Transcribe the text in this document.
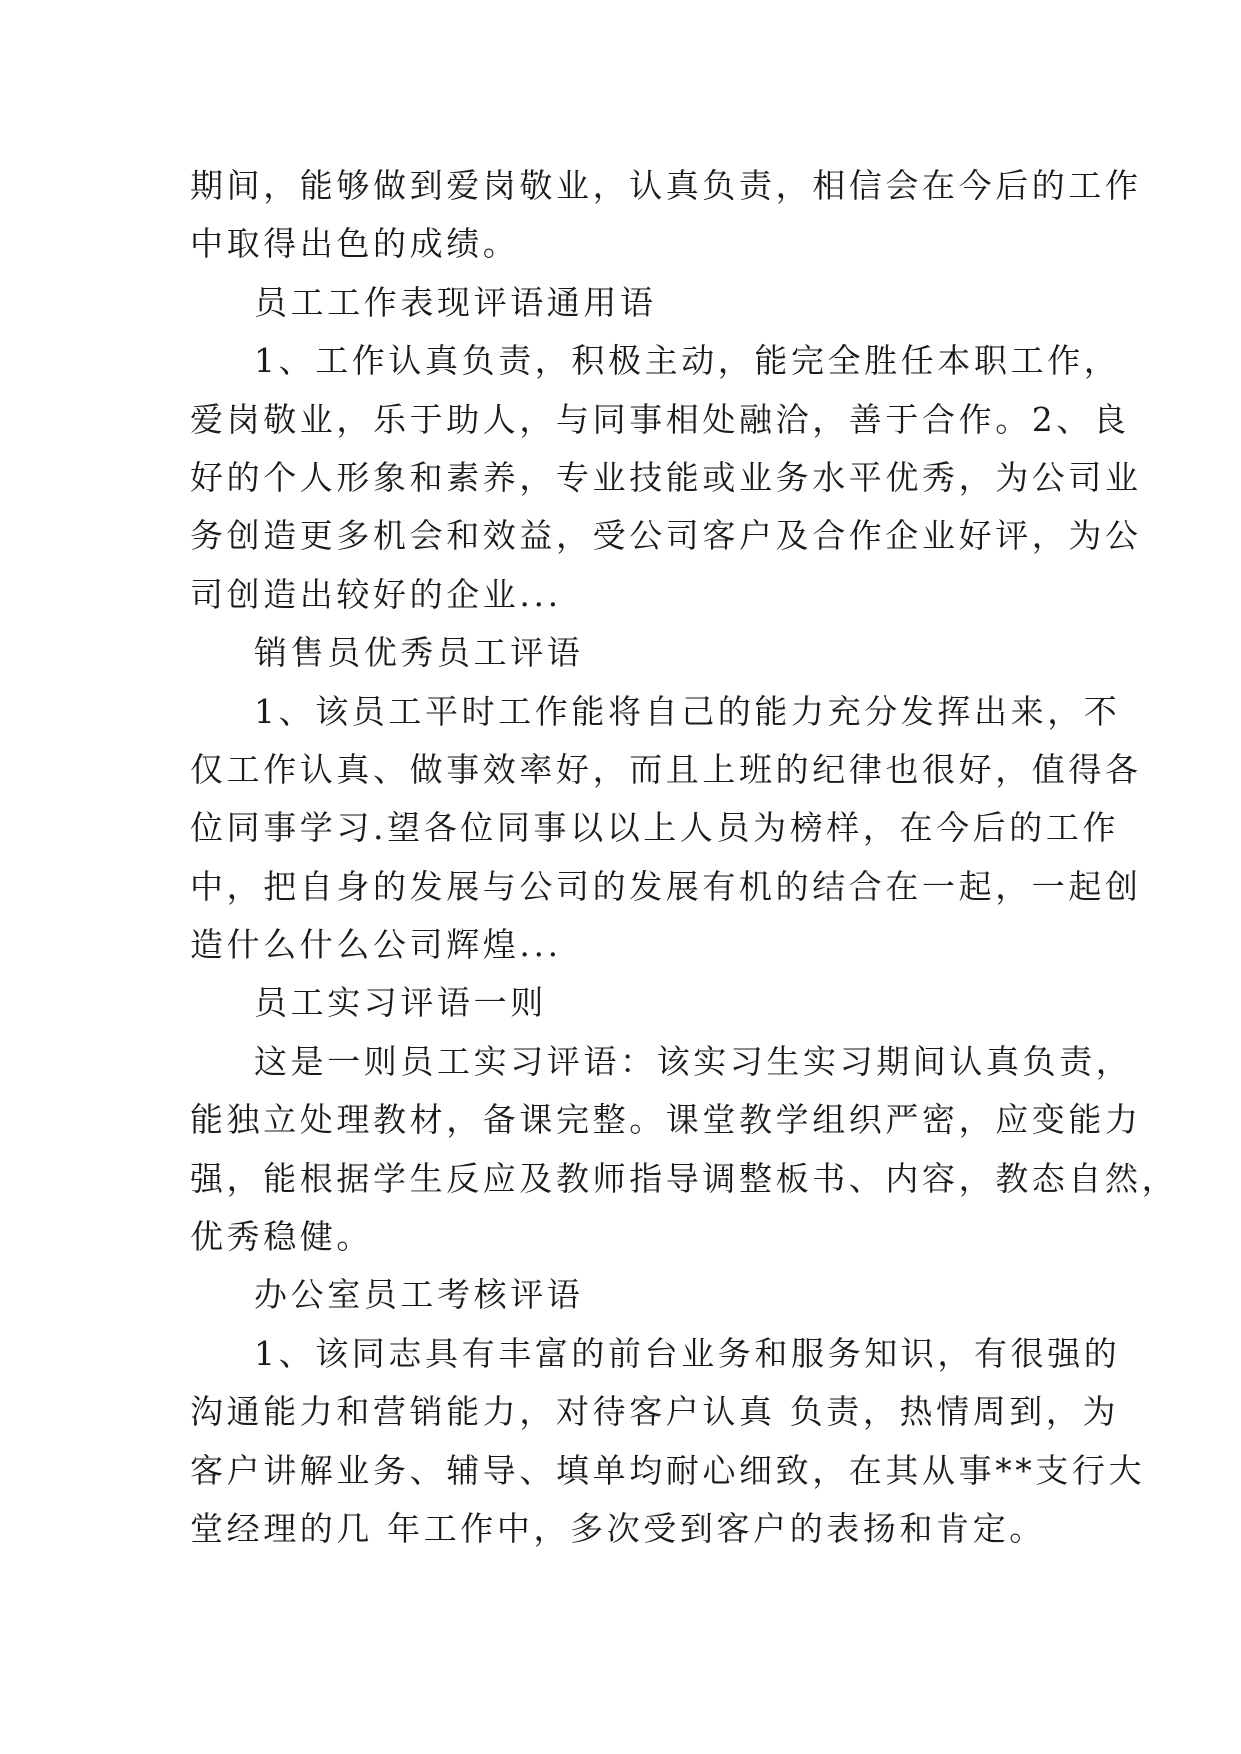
期间，能够做到爱岗敬业，认真负责，相信会在今后的工作
中取得出色的成绩。
员工工作表现评语通用语
1、工作认真负责，积极主动，能完全胜任本职工作，
爱岗敬业，乐于助人，与同事相处融洽，善于合作。2、良
好的个人形象和素养，专业技能或业务水平优秀，为公司业
务创造更多机会和效益，受公司客户及合作企业好评，为公
司创造出较好的企业...
销售员优秀员工评语
1、该员工平时工作能将自己的能力充分发挥出来，不
仅工作认真、做事效率好，而且上班的纪律也很好，值得各
位同事学习.望各位同事以以上人员为榜样，在今后的工作
中，把自身的发展与公司的发展有机的结合在一起，一起创
造什么什么公司辉煌...
员工实习评语一则
这是一则员工实习评语：该实习生实习期间认真负责，
能独立处理教材，备课完整。课堂教学组织严密，应变能力
强，能根据学生反应及教师指导调整板书、内容，教态自然，
优秀稳健。
办公室员工考核评语
1、该同志具有丰富的前台业务和服务知识，有很强的
沟通能力和营销能力，对待客户认真 负责，热情周到，为
客户讲解业务、辅导、填单均耐心细致，在其从事**支行大
堂经理的几 年工作中，多次受到客户的表扬和肯定。
